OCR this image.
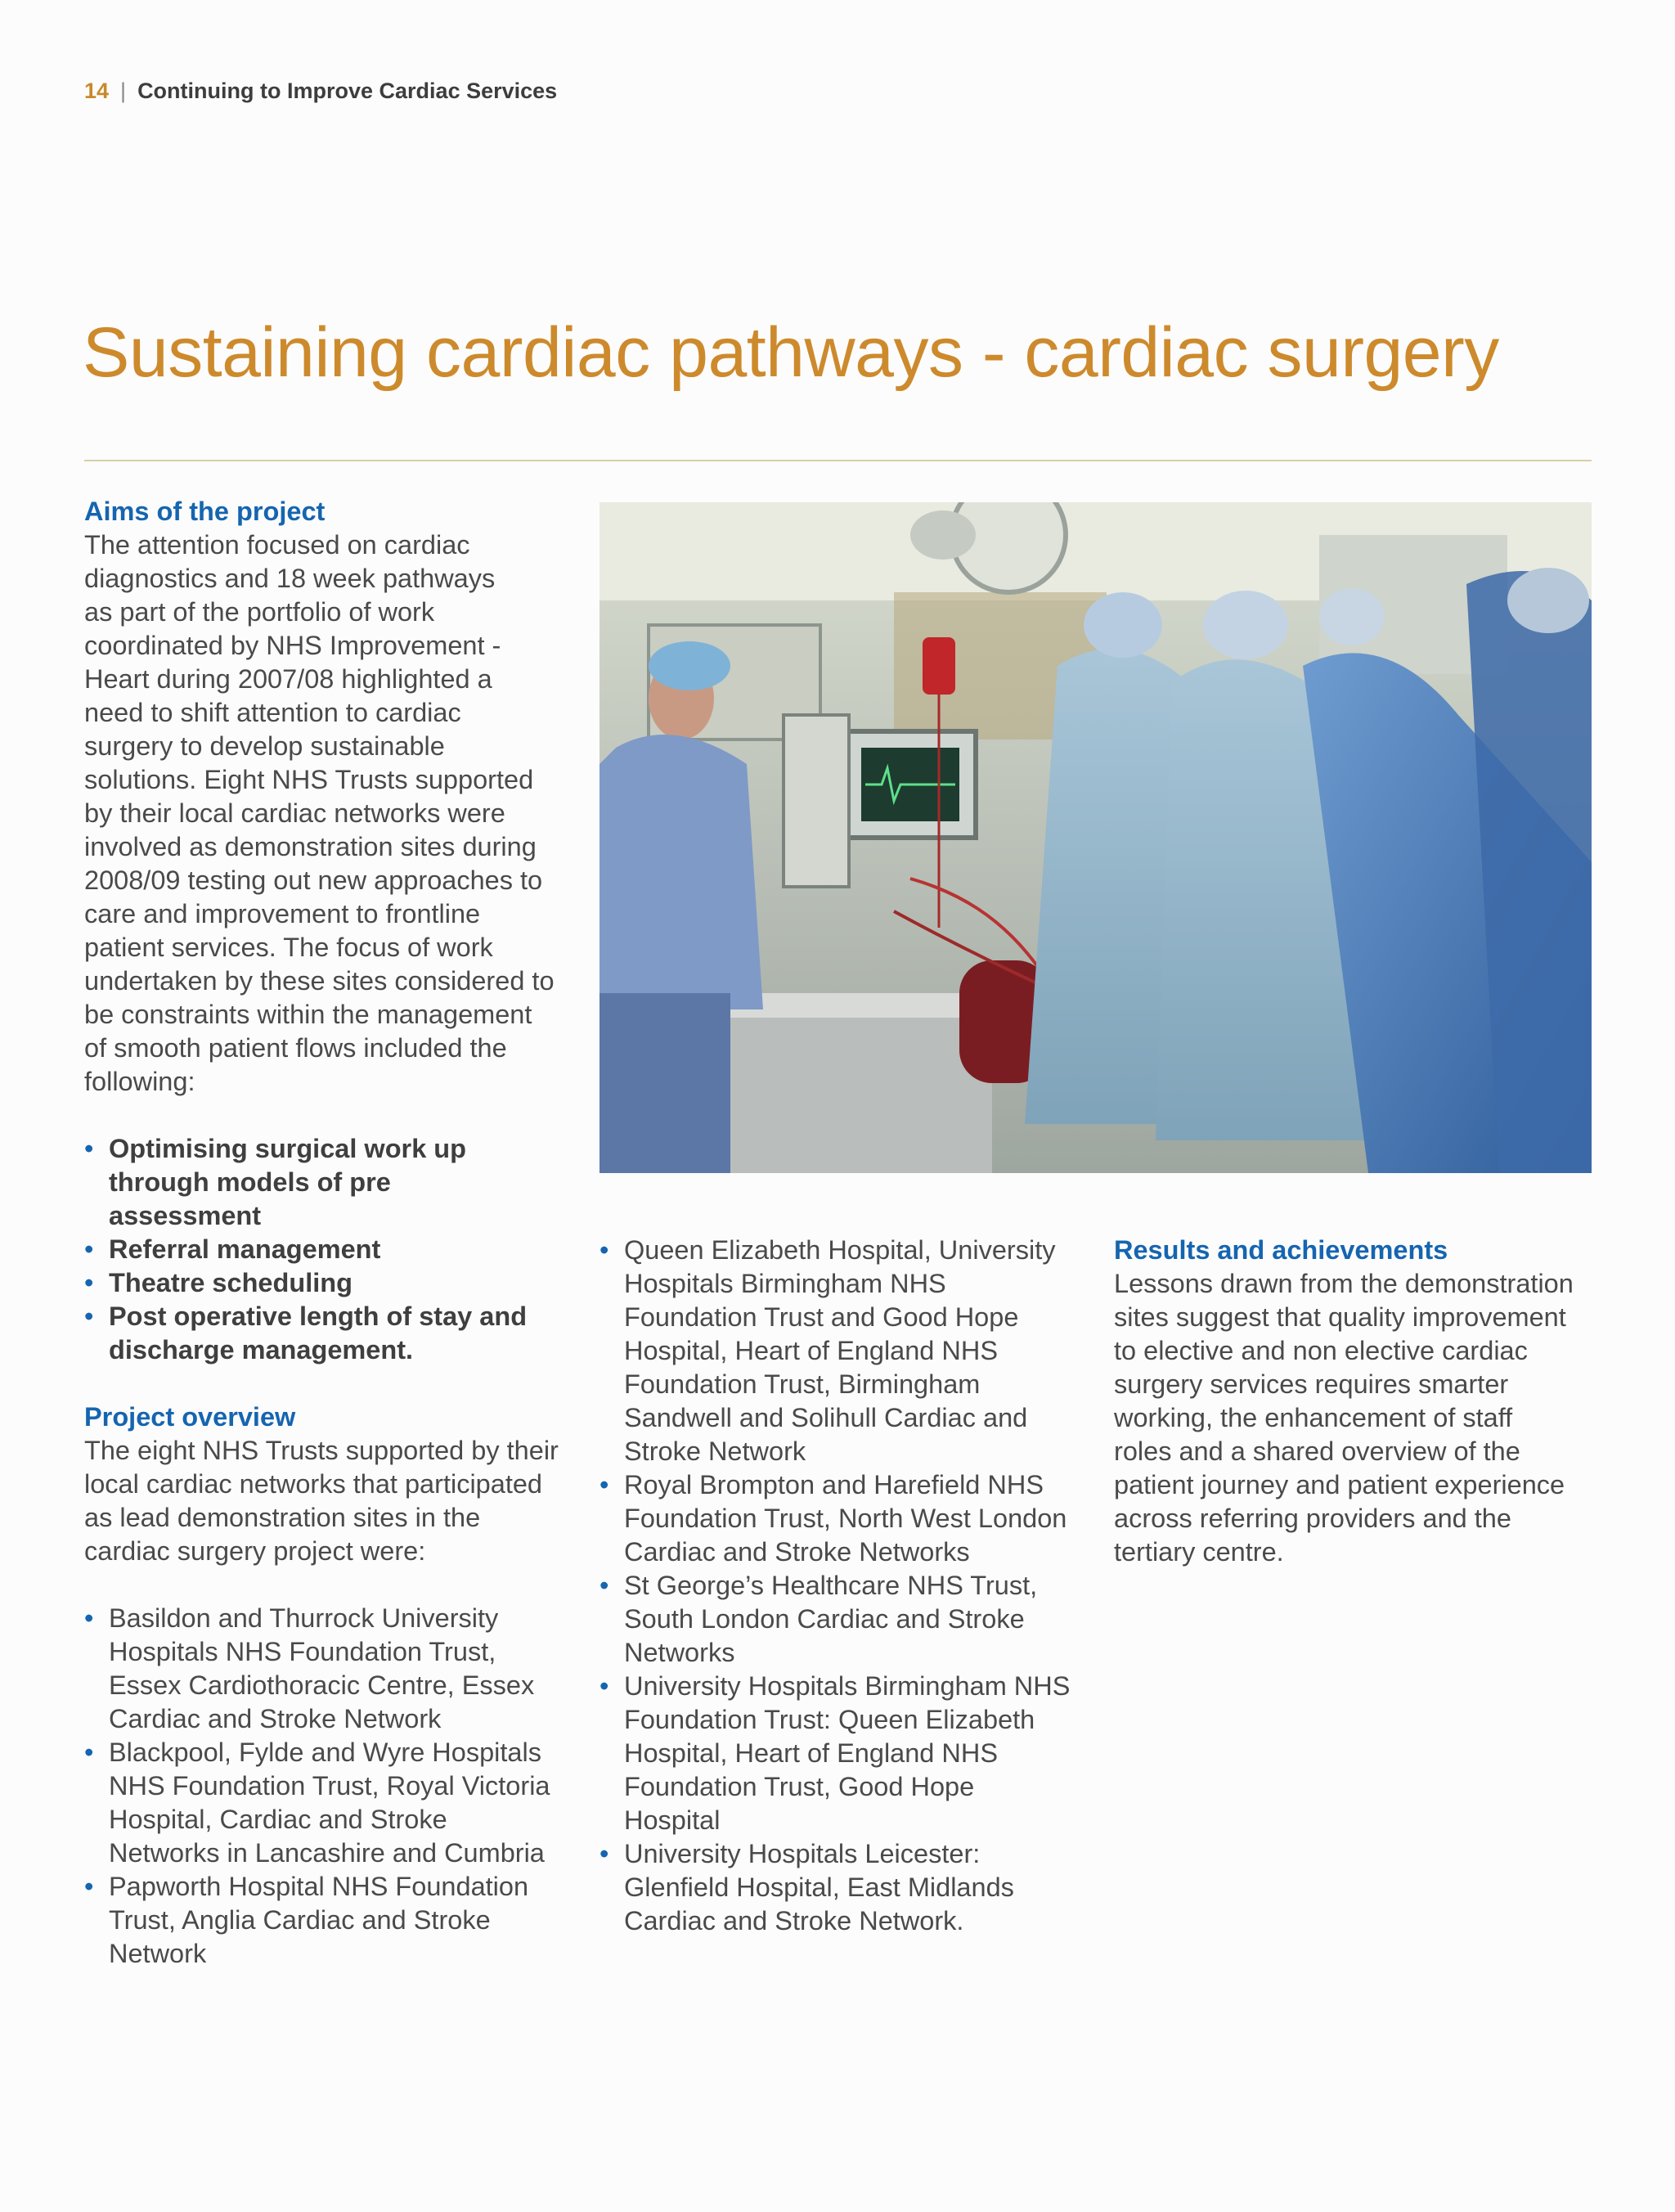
14 | Continuing to Improve Cardiac Services
Sustaining cardiac pathways - cardiac surgery
Aims of the project
The attention focused on cardiac
diagnostics and 18 week pathways
as part of the portfolio of work
coordinated by NHS Improvement -
Heart during 2007/08 highlighted a
need to shift attention to cardiac
surgery to develop sustainable
solutions. Eight NHS Trusts supported
by their local cardiac networks were
involved as demonstration sites during
2008/09 testing out new approaches to
care and improvement to frontline
patient services. The focus of work
undertaken by these sites considered to
be constraints within the management
of smooth patient flows included the
following:
• Optimising surgical work up
through models of pre
assessment
• Referral management
• Theatre scheduling
• Post operative length of stay and
discharge management.
Project overview
The eight NHS Trusts supported by their
local cardiac networks that participated
as lead demonstration sites in the
cardiac surgery project were:
• Basildon and Thurrock University
Hospitals NHS Foundation Trust,
Essex Cardiothoracic Centre, Essex
Cardiac and Stroke Network
• Blackpool, Fylde and Wyre Hospitals
NHS Foundation Trust, Royal Victoria
Hospital, Cardiac and Stroke
Networks in Lancashire and Cumbria
• Papworth Hospital NHS Foundation
Trust, Anglia Cardiac and Stroke
Network
• Queen Elizabeth Hospital, University
Hospitals Birmingham NHS
Foundation Trust and Good Hope
Hospital, Heart of England NHS
Foundation Trust, Birmingham
Sandwell and Solihull Cardiac and
Stroke Network
• Royal Brompton and Harefield NHS
Foundation Trust, North West London
Cardiac and Stroke Networks
• St George’s Healthcare NHS Trust,
South London Cardiac and Stroke
Networks
• University Hospitals Birmingham NHS
Foundation Trust: Queen Elizabeth
Hospital, Heart of England NHS
Foundation Trust, Good Hope
Hospital
• University Hospitals Leicester:
Glenfield Hospital, East Midlands
Cardiac and Stroke Network.
Results and achievements
Lessons drawn from the demonstration
sites suggest that quality improvement
to elective and non elective cardiac
surgery services requires smarter
working, the enhancement of staff
roles and a shared overview of the
patient journey and patient experience
across referring providers and the
tertiary centre.
